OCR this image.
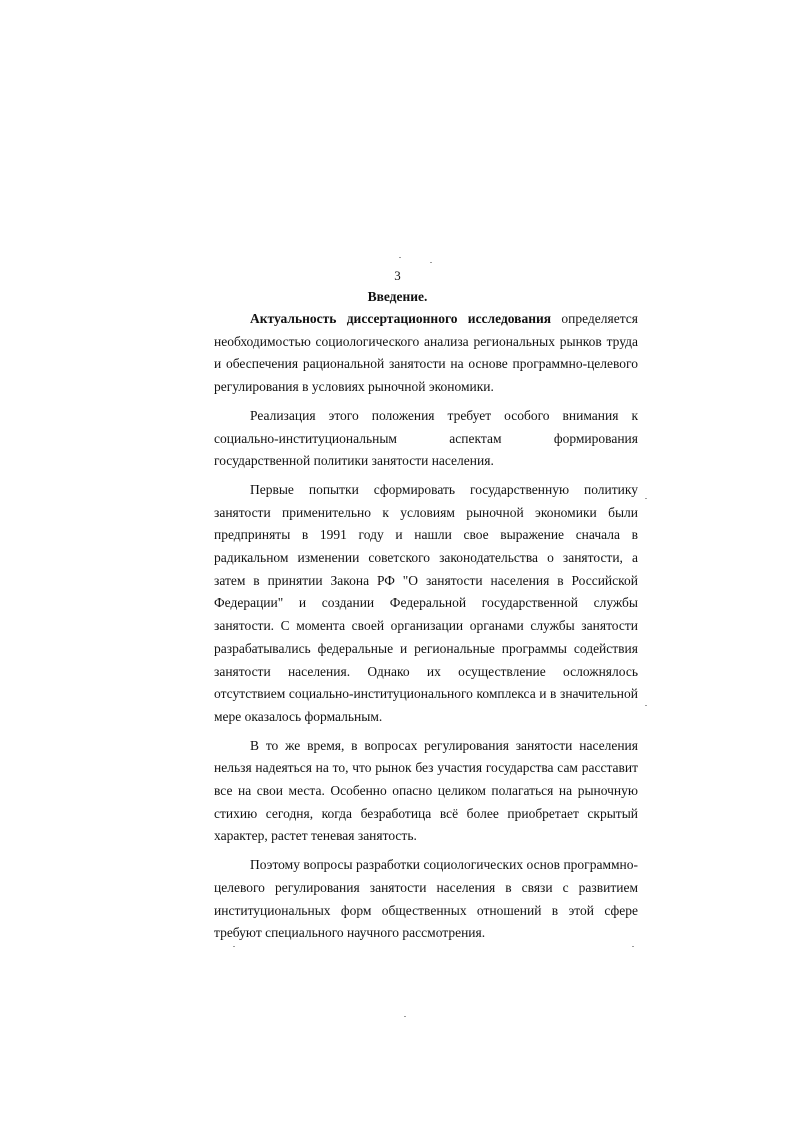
3
Введение.

Актуальность диссертационного исследования определяется необходимостью социологического анализа региональных рынков труда и обеспечения рациональной занятости на основе программно-целевого регулирования в условиях рыночной экономики.

Реализация этого положения требует особого внимания к социально-институциональным аспектам формирования государственной политики занятости населения.

Первые попытки сформировать государственную политику занятости применительно к условиям рыночной экономики были предприняты в 1991 году и нашли свое выражение сначала в радикальном изменении советского законодательства о занятости, а затем в принятии Закона РФ "О занятости населения в Российской Федерации" и создании Федеральной государственной службы занятости. С момента своей организации органами службы занятости разрабатывались федеральные и региональные программы содействия занятости населения. Однако их осуществление осложнялось отсутствием социально-институционального комплекса и в значительной мере оказалось формальным.

В то же время, в вопросах регулирования занятости населения нельзя надеяться на то, что рынок без участия государства сам расставит все на свои места. Особенно опасно целиком полагаться на рыночную стихию сегодня, когда безработица всё более приобретает скрытый характер, растет теневая занятость.

Поэтому вопросы разработки социологических основ программно-целевого регулирования занятости населения в связи с развитием институциональных форм общественных отношений в этой сфере требуют специального научного рассмотрения.
